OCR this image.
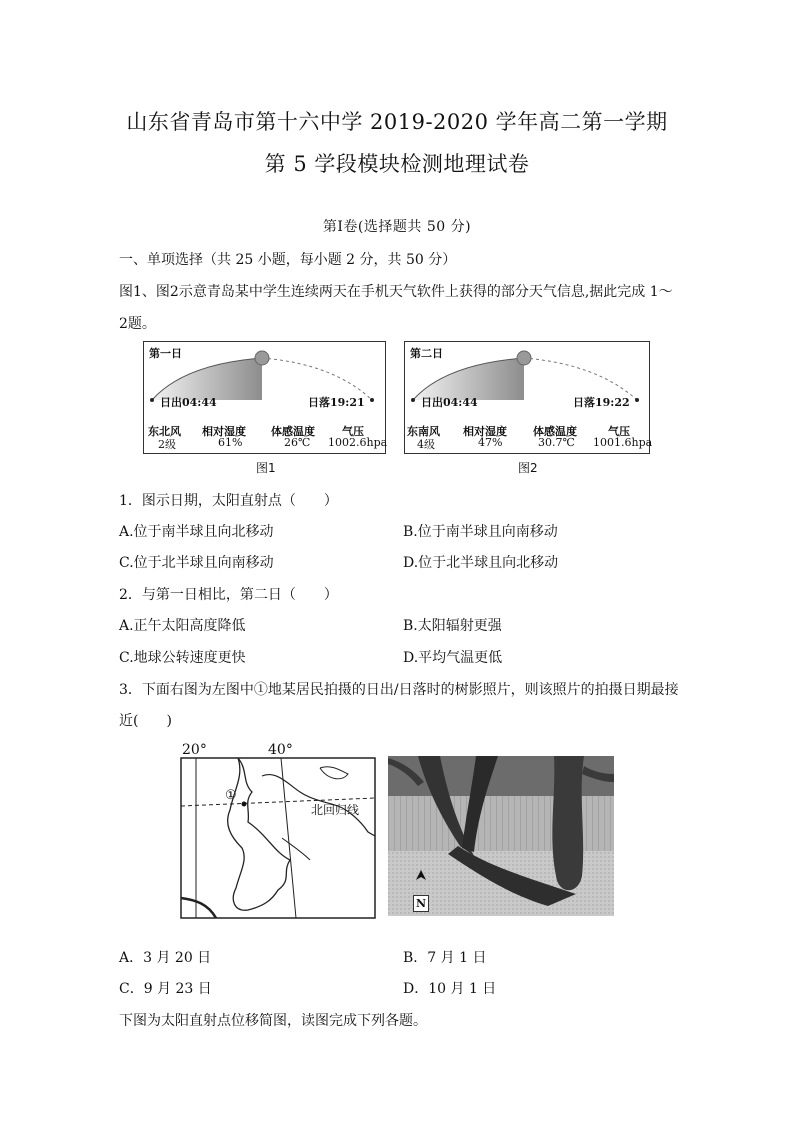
山东省青岛市第十六中学 2019-2020 学年高二第一学期
第 5 学段模块检测地理试卷
第Ⅰ卷(选择题共 50 分)
一、单项选择（共 25 小题，每小题 2 分，共 50 分）
图1、图2示意青岛某中学生连续两天在手机天气软件上获得的部分天气信息,据此完成 1～
2题。
第一日
日出04:44	日落19:21
东北风 相对湿度 体感温度 气压
2级	61%	26℃ 1002.6hpa
图1
第二日
日出04:44	日落19:22
东南风 相对湿度 体感温度	气压
4级	47%	30.7℃ 1001.6hpa
图2
1．图示日期，太阳直射点（　　）
A.位于南半球且向北移动	B.位于南半球且向南移动
C.位于北半球且向南移动	D.位于北半球且向北移动
2．与第一日相比，第二日（　　）
A.正午太阳高度降低	B.太阳辐射更强
C.地球公转速度更快	D.平均气温更低
3．下面右图为左图中①地某居民拍摄的日出/日落时的树影照片，则该照片的拍摄日期最接
近(　　)
20°	40°
①
北回归线
N
A．3 月 20 日	B．7 月 1 日
C．9 月 23 日	D．10 月 1 日
下图为太阳直射点位移简图，读图完成下列各题。
